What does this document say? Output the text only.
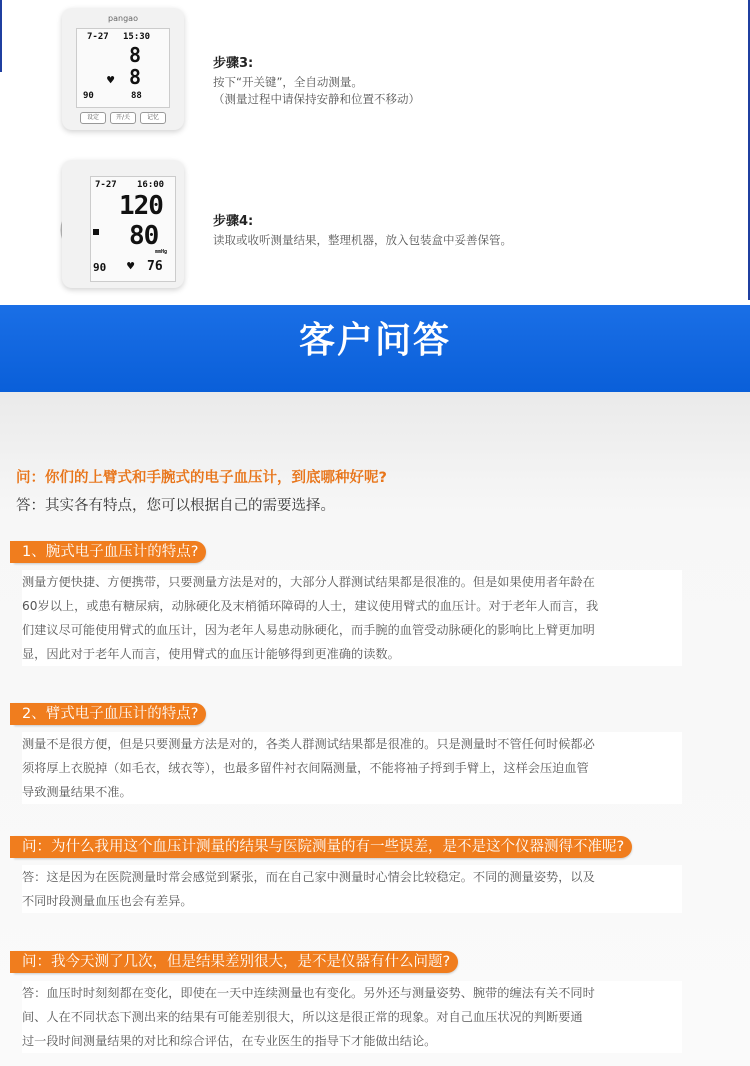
pangao
7-27 15:30
8
8
♥
90	88
设定	开/关	记忆
步骤3:
按下“开关键”，全自动测量。
（测量过程中请保持安静和位置不移动）
7-27 16:00
120
80
mmHg
90 ♥ 76
步骤4:
读取或收听测量结果，整理机器，放入包装盒中妥善保管。
客户问答
问：你们的上臂式和手腕式的电子血压计，到底哪种好呢?
答：其实各有特点，您可以根据自己的需要选择。
1、腕式电子血压计的特点?
测量方便快捷、方便携带，只要测量方法是对的，大部分人群测试结果都是很准的。但是如果使用者年龄在
60岁以上，或患有糖尿病，动脉硬化及末梢循环障碍的人士，建议使用臂式的血压计。对于老年人而言，我
们建议尽可能使用臂式的血压计，因为老年人易患动脉硬化，而手腕的血管受动脉硬化的影响比上臂更加明
显，因此对于老年人而言，使用臂式的血压计能够得到更准确的读数。
2、臂式电子血压计的特点?
测量不是很方便，但是只要测量方法是对的，各类人群测试结果都是很准的。只是测量时不管任何时候都必
须将厚上衣脱掉（如毛衣，绒衣等），也最多留件衬衣间隔测量，不能将袖子捋到手臂上，这样会压迫血管
导致测量结果不准。
问：为什么我用这个血压计测量的结果与医院测量的有一些误差，是不是这个仪器测得不准呢?
答：这是因为在医院测量时常会感觉到紧张，而在自己家中测量时心情会比较稳定。不同的测量姿势，以及
不同时段测量血压也会有差异。
问：我今天测了几次，但是结果差别很大，是不是仪器有什么问题?
答：血压时时刻刻都在变化，即使在一天中连续测量也有变化。另外还与测量姿势、腕带的缠法有关不同时
间、人在不同状态下测出来的结果有可能差别很大，所以这是很正常的现象。对自己血压状况的判断要通
过一段时间测量结果的对比和综合评估，在专业医生的指导下才能做出结论。
